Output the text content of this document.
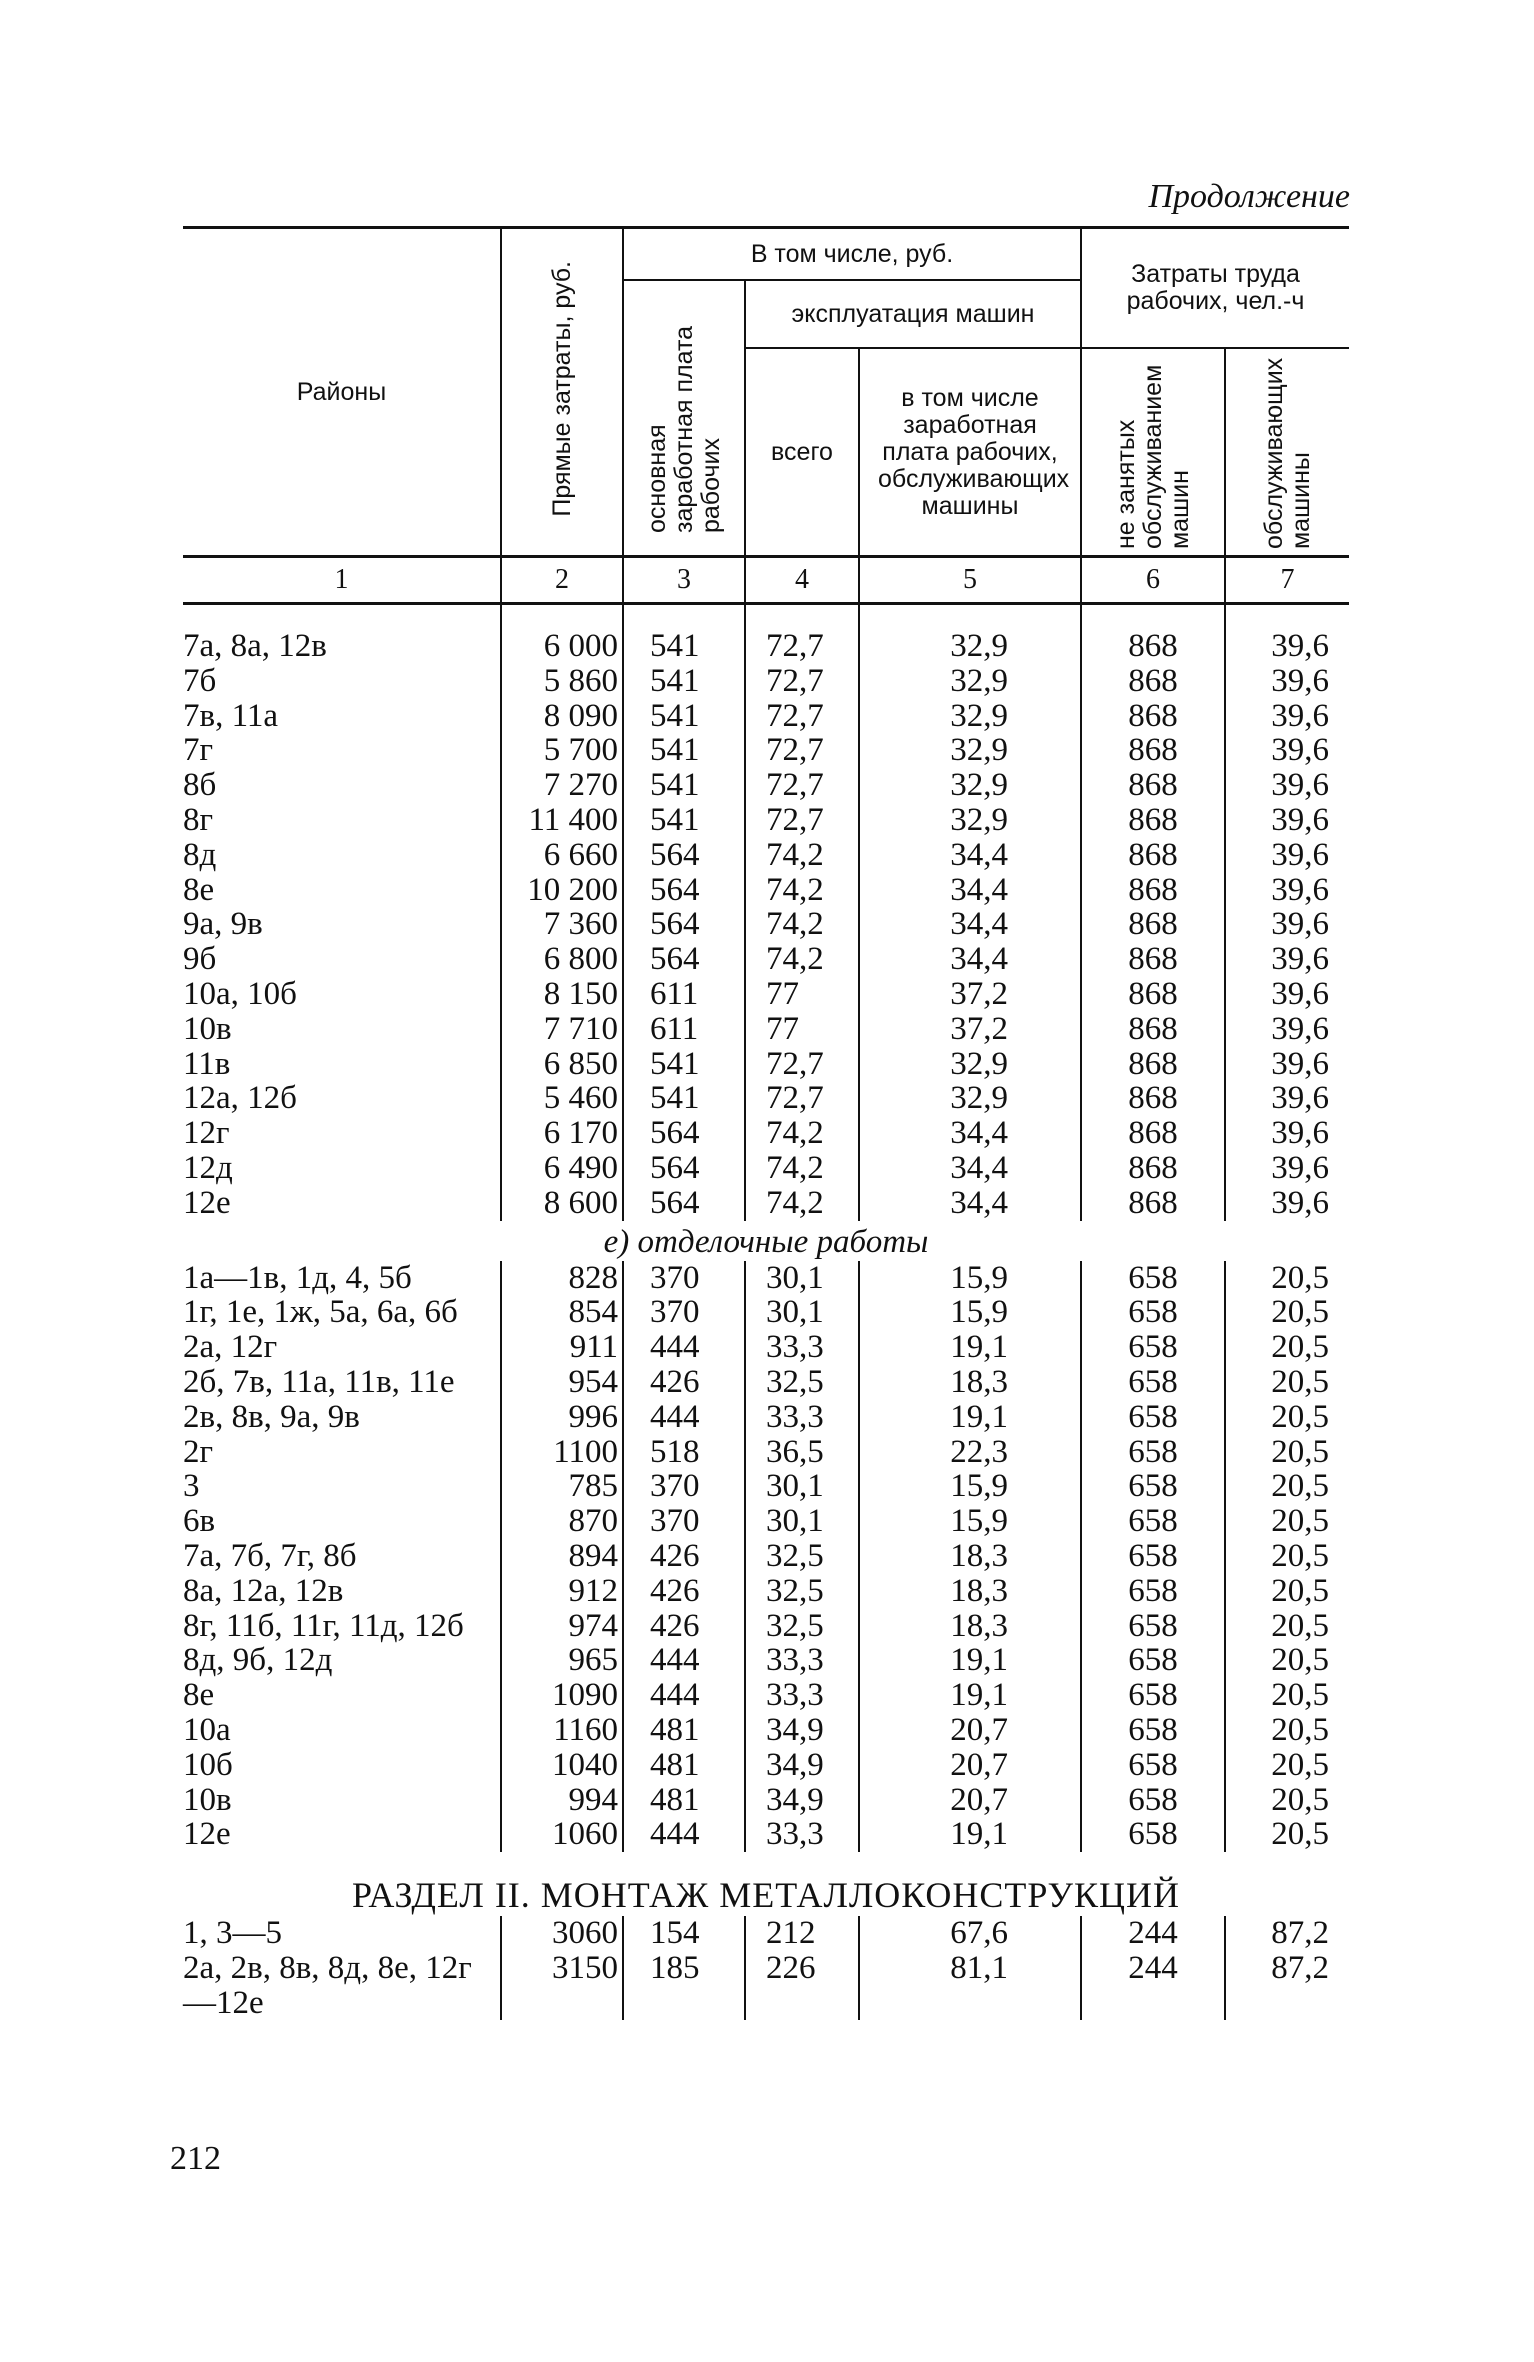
Продолжение
Районы	Прямые затраты, руб.	В том числе, руб.			Затраты труда рабочих, чел.-ч	
		основная заработная плата рабочих	эксплуатация машин			
			всего	в том числе заработная плата рабочих, обслуживающих машины	не занятых обслуживанием машин	обслуживающих машины
1	2	3	4	5	6	7

7а, 8а, 12в	6 000	541	72,7	32,9	868	39,6
7б	5 860	541	72,7	32,9	868	39,6
7в, 11а	8 090	541	72,7	32,9	868	39,6
7г	5 700	541	72,7	32,9	868	39,6
8б	7 270	541	72,7	32,9	868	39,6
8г	11 400	541	72,7	32,9	868	39,6
8д	6 660	564	74,2	34,4	868	39,6
8е	10 200	564	74,2	34,4	868	39,6
9а, 9в	7 360	564	74,2	34,4	868	39,6
9б	6 800	564	74,2	34,4	868	39,6
10а, 10б	8 150	611	77	37,2	868	39,6
10в	7 710	611	77	37,2	868	39,6
11в	6 850	541	72,7	32,9	868	39,6
12а, 12б	5 460	541	72,7	32,9	868	39,6
12г	6 170	564	74,2	34,4	868	39,6
12д	6 490	564	74,2	34,4	868	39,6
12е	8 600	564	74,2	34,4	868	39,6
е) отделочные работы						
1а—1в, 1д, 4, 5б	828	370	30,1	15,9	658	20,5
1г, 1е, 1ж, 5а, 6а, 6б	854	370	30,1	15,9	658	20,5
2а, 12г	911	444	33,3	19,1	658	20,5
2б, 7в, 11а, 11в, 11е	954	426	32,5	18,3	658	20,5
2в, 8в, 9а, 9в	996	444	33,3	19,1	658	20,5
2г	1100	518	36,5	22,3	658	20,5
3	785	370	30,1	15,9	658	20,5
6в	870	370	30,1	15,9	658	20,5
7а, 7б, 7г, 8б	894	426	32,5	18,3	658	20,5
8а, 12а, 12в	912	426	32,5	18,3	658	20,5
8г, 11б, 11г, 11д, 12б	974	426	32,5	18,3	658	20,5
8д, 9б, 12д	965	444	33,3	19,1	658	20,5
8е	1090	444	33,3	19,1	658	20,5
10а	1160	481	34,9	20,7	658	20,5
10б	1040	481	34,9	20,7	658	20,5
10в	994	481	34,9	20,7	658	20,5
12е	1060	444	33,3	19,1	658	20,5
РАЗДЕЛ II. МОНТАЖ МЕТАЛЛОКОНСТРУКЦИЙ						
1, 3—5	3060	154	212	67,6	244	87,2
2а, 2в, 8в, 8д, 8е, 12г—12е	3150	185	226	81,1	244	87,2
212
